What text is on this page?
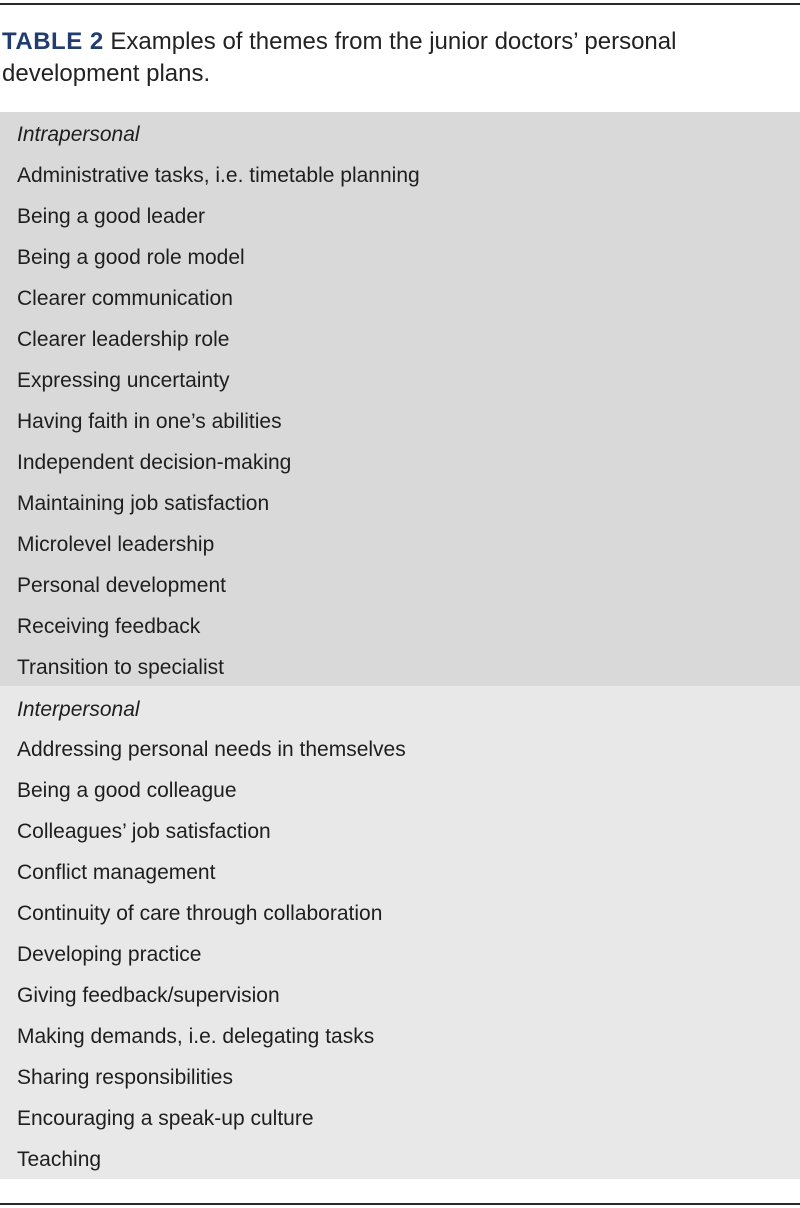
TABLE 2 Examples of themes from the junior doctors’ personal development plans.
Intrapersonal
Administrative tasks, i.e. timetable planning
Being a good leader
Being a good role model
Clearer communication
Clearer leadership role
Expressing uncertainty
Having faith in one’s abilities
Independent decision-making
Maintaining job satisfaction
Microlevel leadership
Personal development
Receiving feedback
Transition to specialist
Interpersonal
Addressing personal needs in themselves
Being a good colleague
Colleagues’ job satisfaction
Conflict management
Continuity of care through collaboration
Developing practice
Giving feedback/supervision
Making demands, i.e. delegating tasks
Sharing responsibilities
Encouraging a speak-up culture
Teaching
